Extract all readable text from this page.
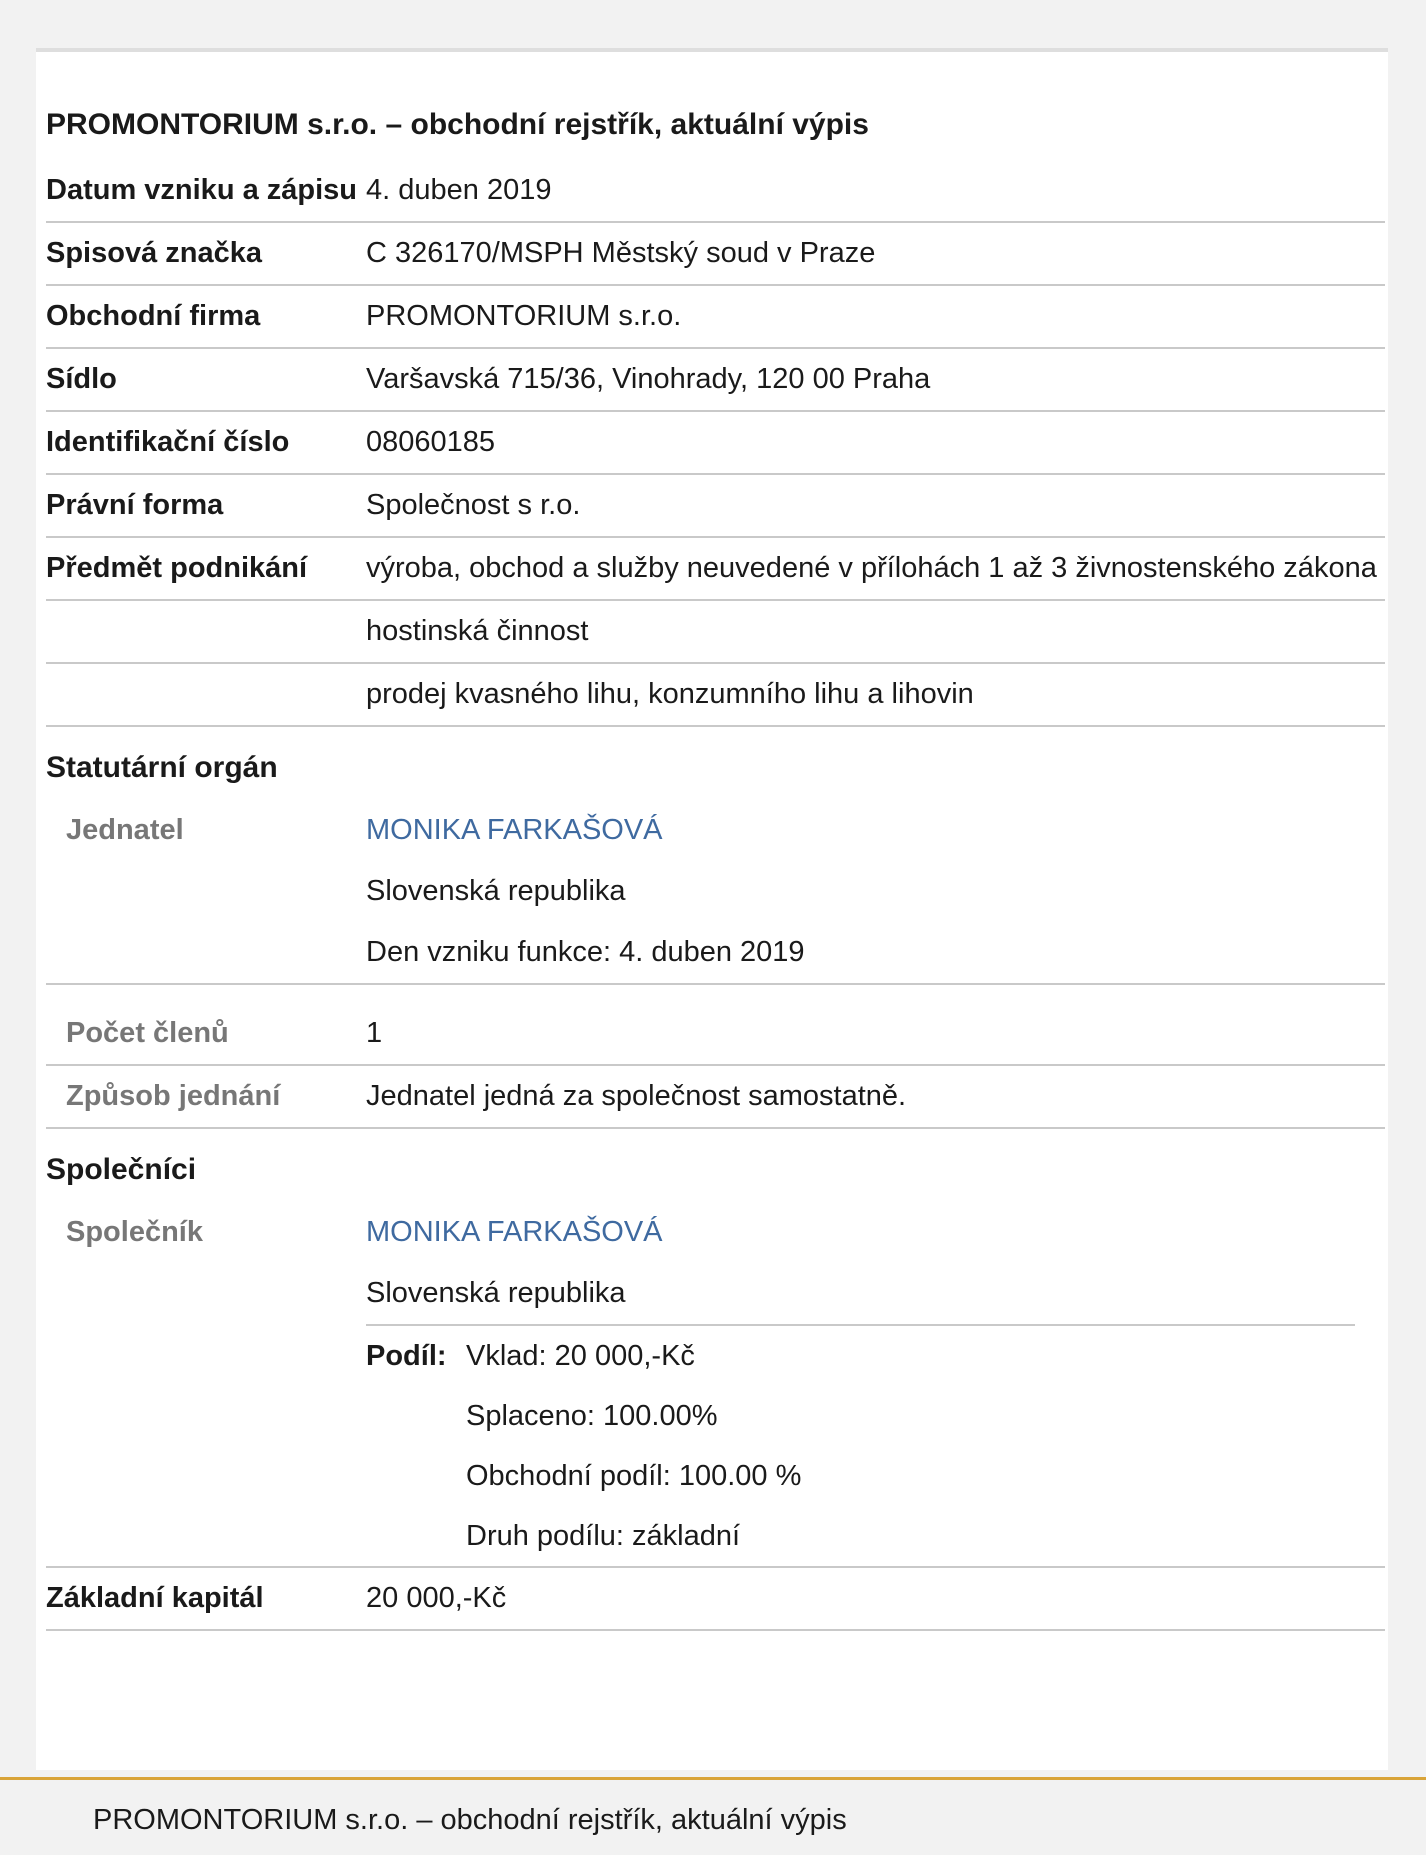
PROMONTORIUM s.r.o. – obchodní rejstřík, aktuální výpis
Datum vzniku a zápisu 4. duben 2019
Spisová značka	C 326170/MSPH Městský soud v Praze
Obchodní firma	PROMONTORIUM s.r.o.
Sídlo	Varšavská 715/36, Vinohrady, 120 00 Praha
Identifikační číslo	08060185
Právní forma	Společnost s r.o.
Předmět podnikání	výroba, obchod a služby neuvedené v přílohách 1 až 3 živnostenského zákona
hostinská činnost
prodej kvasného lihu, konzumního lihu a lihovin
Statutární orgán
Jednatel	MONIKA FARKAŠOVÁ
Slovenská republika
Den vzniku funkce: 4. duben 2019
Počet členů	1
Způsob jednání	Jednatel jedná za společnost samostatně.
Společníci
Společník	MONIKA FARKAŠOVÁ
Slovenská republika
Podíl: Vklad: 20 000,-Kč
Splaceno: 100.00%
Obchodní podíl: 100.00 %
Druh podílu: základní
Základní kapitál	20 000,-Kč
PROMONTORIUM s.r.o. – obchodní rejstřík, aktuální výpis
